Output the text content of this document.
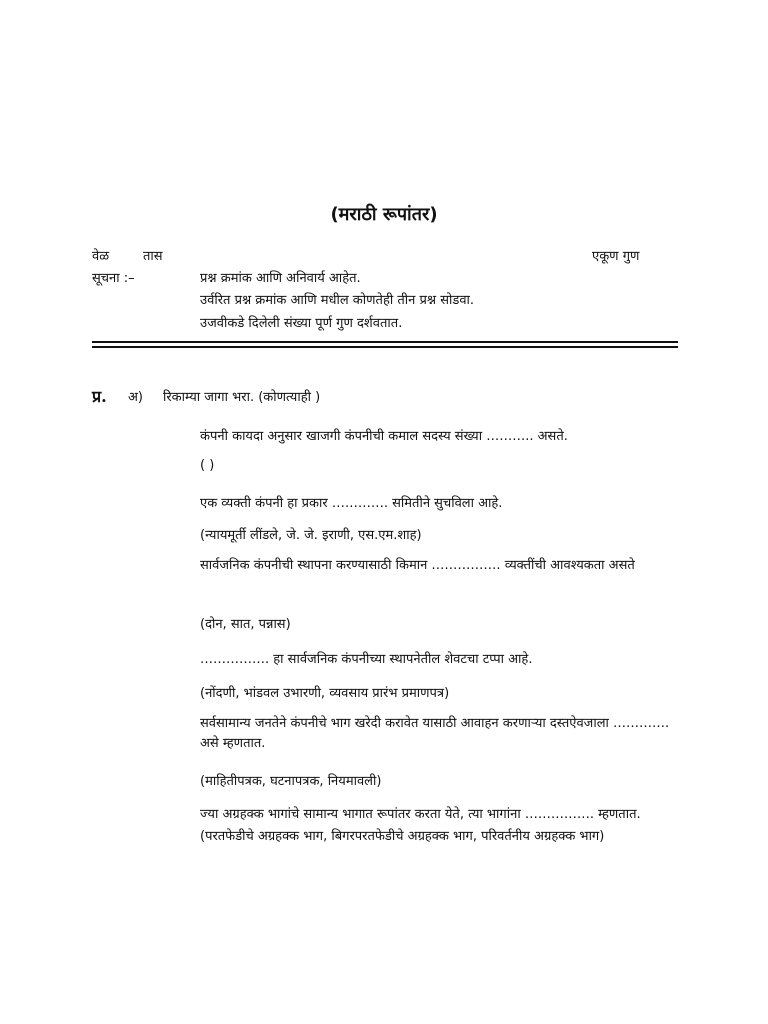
(मराठी रूपांतर)
वेळ	तास	एकूण गुण
सूचना :–	प्रश्न क्रमांक आणि अनिवार्य आहेत.
उर्वरित प्रश्न क्रमांक आणि मधील कोणतेही तीन प्रश्न सोडवा.
उजवीकडे दिलेली संख्या पूर्ण गुण दर्शवतात.
प्र. अ) रिकाम्या जागा भरा. (कोणत्याही )
कंपनी कायदा अनुसार खाजगी कंपनीची कमाल सदस्य संख्या ……….. असते.
( )
एक व्यक्ती कंपनी हा प्रकार …………. समितीने सुचविला आहे.
(न्यायमूर्ती लींडले, जे. जे. इराणी, एस.एम.शाह)
सार्वजनिक कंपनीची स्थापना करण्यासाठी किमान ……………. व्यक्तींची आवश्यकता असते
(दोन, सात, पन्नास)
……………. हा सार्वजनिक कंपनीच्या स्थापनेतील शेवटचा टप्पा आहे.
(नोंदणी, भांडवल उभारणी, व्यवसाय प्रारंभ प्रमाणपत्र)
सर्वसामान्य जनतेने कंपनीचे भाग खरेदी करावेत यासाठी आवाहन करणाऱ्या दस्तऐवजाला …………. असे म्हणतात.
(माहितीपत्रक, घटनापत्रक, नियमावली)
ज्या अग्रहक्क भागांचे सामान्य भागात रूपांतर करता येते, त्या भागांना ……………. म्हणतात.
(परतफेडीचे अग्रहक्क भाग, बिगरपरतफेडीचे अग्रहक्क भाग, परिवर्तनीय अग्रहक्क भाग)
